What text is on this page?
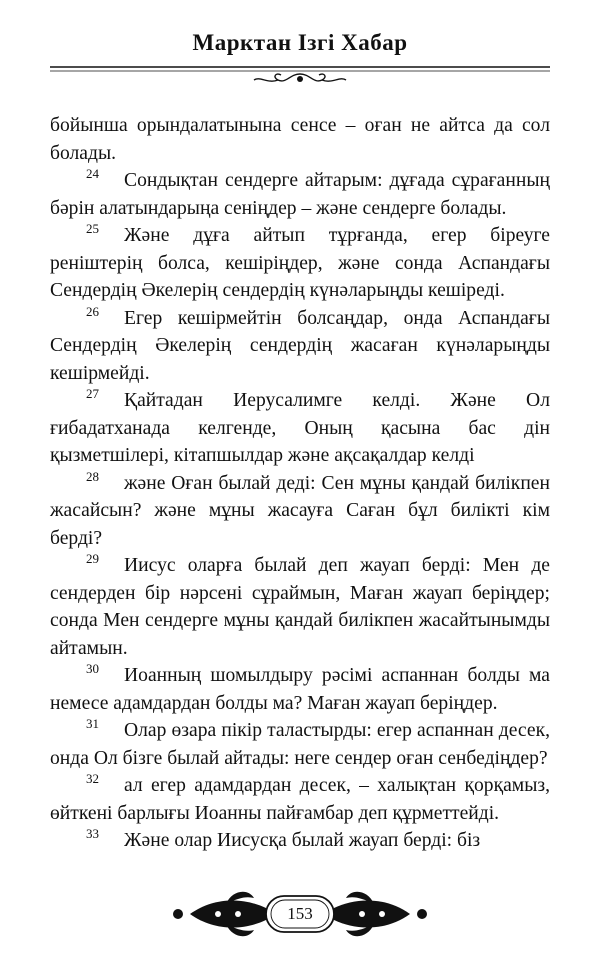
Марктан Ізгі Хабар

бойынша орындалатынына сенсе – оған не айтса да сол болады.

24 Сондықтан сендерге айтарым: дұғада сұрағанның бәрін алатындарыңа сеніңдер – және сендерге болады.

25 Және дұға айтып тұрғанда, егер біреуге реніштерің болса, кешіріңдер, және сонда Аспандағы Сендердің Әкелерің сендердің күнәларыңды кешіреді.

26 Егер кешірмейтін болсаңдар, онда Аспандағы Сендердің Әкелерің сендердің жасаған күнәларыңды кешірмейді.

27 Қайтадан Иерусалимге келді. Және Ол ғибадатханада келгенде, Оның қасына бас дін қызметшілері, кітапшылдар және ақсақалдар келді

28 және Оған былай деді: Сен мұны қандай билікпен жасайсын? және мұны жасауға Саған бұл билікті кім берді?

29 Иисус оларға былай деп жауап берді: Мен де сендерден бір нәрсені сұраймын, Маған жауап беріңдер; сонда Мен сендерге мұны қандай билікпен жасайтынымды айтамын.

30 Иоанның шомылдыру рәсімі аспаннан болды ма немесе адамдардан болды ма? Маған жауап беріңдер.

31 Олар өзара пікір таластырды: егер аспаннан десек, онда Ол бізге былай айтады: неге сендер оған сенбедіңдер?

32 ал егер адамдардан десек, – халықтан қорқамыз, өйткені барлығы Иоанны пайғамбар деп құрметтейді.

33 Және олар Иисусқа былай жауап берді: біз

153
